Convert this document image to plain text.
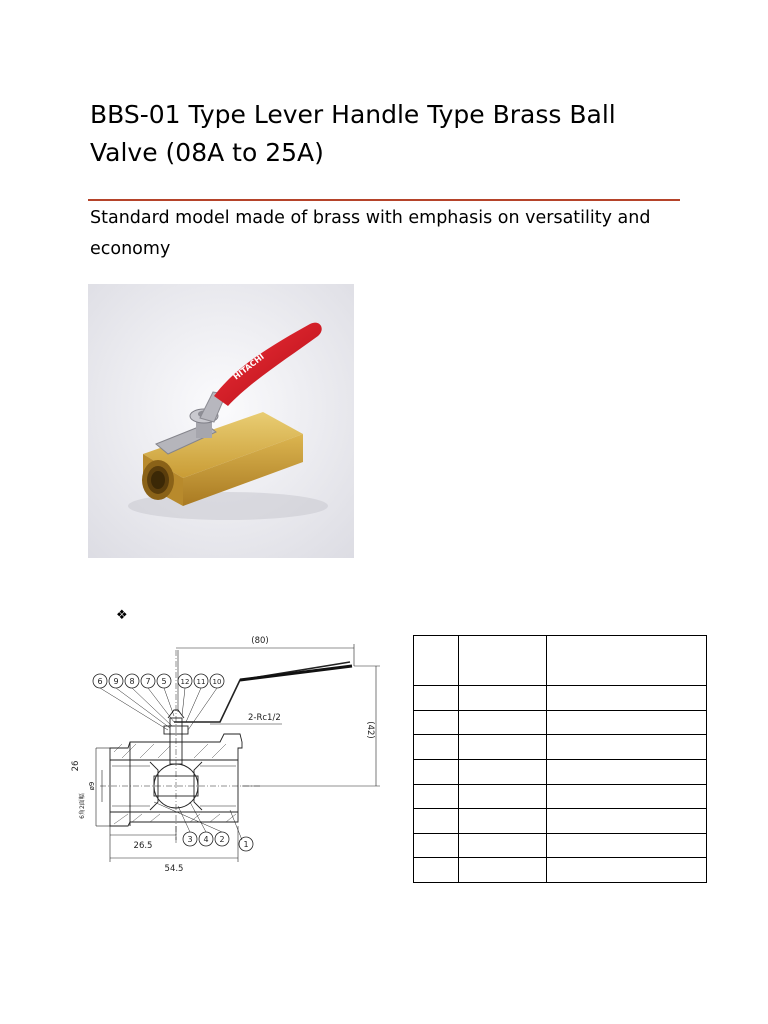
BBS-01 Type Lever Handle Type Brass Ball Valve (08A to 25A)

Standard model made of brass with emphasis on versatility and economy

HITACHI
❖
(80)
(42)
2-Rc1/2
26
ø9
6角2面幅
26.5
54.5
6 9 8 7 5 12 11 10
3 4 2
1
